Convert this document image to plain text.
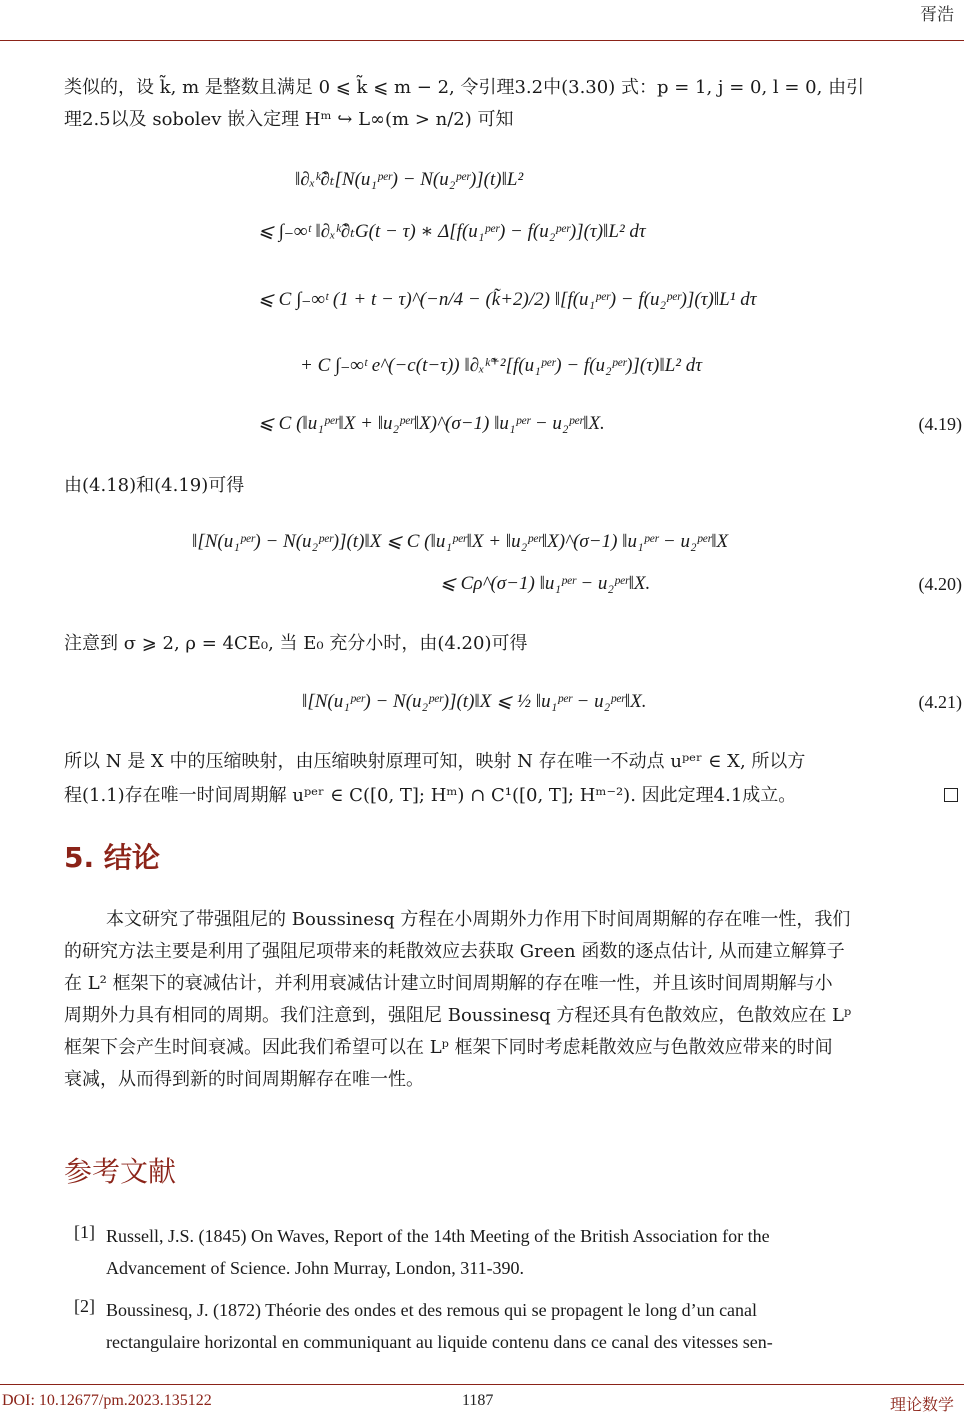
胥浩
类似的，设 k̃, m 是整数且满足 0 ⩽ k̃ ⩽ m − 2, 令引理3.2中(3.30) 式：p = 1, j = 0, l = 0, 由引
理2.5以及 sobolev 嵌入定理 Hᵐ ↪ L∞(m > n/2) 可知
‖∂ₓᵏ̃∂ₜ[N(u₁ᵖᵉʳ) − N(u₂ᵖᵉʳ)](t)‖L²
⩽ ∫₋∞ᵗ ‖∂ₓᵏ̃∂ₜG(t − τ) ∗ Δ[f(u₁ᵖᵉʳ) − f(u₂ᵖᵉʳ)](τ)‖L² dτ
⩽ C ∫₋∞ᵗ (1 + t − τ)^(−n/4 − (k̃+2)/2) ‖[f(u₁ᵖᵉʳ) − f(u₂ᵖᵉʳ)](τ)‖L¹ dτ
+ C ∫₋∞ᵗ e^(−c(t−τ)) ‖∂ₓᵏ̃⁺²[f(u₁ᵖᵉʳ) − f(u₂ᵖᵉʳ)](τ)‖L² dτ
⩽ C (‖u₁ᵖᵉʳ‖X + ‖u₂ᵖᵉʳ‖X)^(σ−1) ‖u₁ᵖᵉʳ − u₂ᵖᵉʳ‖X.	(4.19)
由(4.18)和(4.19)可得
‖[N(u₁ᵖᵉʳ) − N(u₂ᵖᵉʳ)](t)‖X ⩽ C (‖u₁ᵖᵉʳ‖X + ‖u₂ᵖᵉʳ‖X)^(σ−1) ‖u₁ᵖᵉʳ − u₂ᵖᵉʳ‖X
⩽ Cρ^(σ−1) ‖u₁ᵖᵉʳ − u₂ᵖᵉʳ‖X.	(4.20)
注意到 σ ⩾ 2, ρ = 4CE₀, 当 E₀ 充分小时，由(4.20)可得
‖[N(u₁ᵖᵉʳ) − N(u₂ᵖᵉʳ)](t)‖X ⩽ ½ ‖u₁ᵖᵉʳ − u₂ᵖᵉʳ‖X.	(4.21)
所以 N 是 X 中的压缩映射，由压缩映射原理可知，映射 N 存在唯一不动点 uᵖᵉʳ ∈ X, 所以方
程(1.1)存在唯一时间周期解 uᵖᵉʳ ∈ C([0, T]; Hᵐ) ∩ C¹([0, T]; Hᵐ⁻²). 因此定理4.1成立。
5. 结论
本文研究了带强阻尼的 Boussinesq 方程在小周期外力作用下时间周期解的存在唯一性，我们
的研究方法主要是利用了强阻尼项带来的耗散效应去获取 Green 函数的逐点估计, 从而建立解算子
在 L² 框架下的衰减估计，并利用衰减估计建立时间周期解的存在唯一性，并且该时间周期解与小
周期外力具有相同的周期。我们注意到，强阻尼 Boussinesq 方程还具有色散效应，色散效应在 Lᵖ
框架下会产生时间衰减。因此我们希望可以在 Lᵖ 框架下同时考虑耗散效应与色散效应带来的时间
衰减，从而得到新的时间周期解存在唯一性。
参考文献
[1] Russell, J.S. (1845) On Waves, Report of the 14th Meeting of the British Association for the
Advancement of Science. John Murray, London, 311-390.
[2] Boussinesq, J. (1872) Théorie des ondes et des remous qui se propagent le long d’un canal
rectangulaire horizontal en communiquant au liquide contenu dans ce canal des vitesses sen-
DOI: 10.12677/pm.2023.135122	1187	理论数学
